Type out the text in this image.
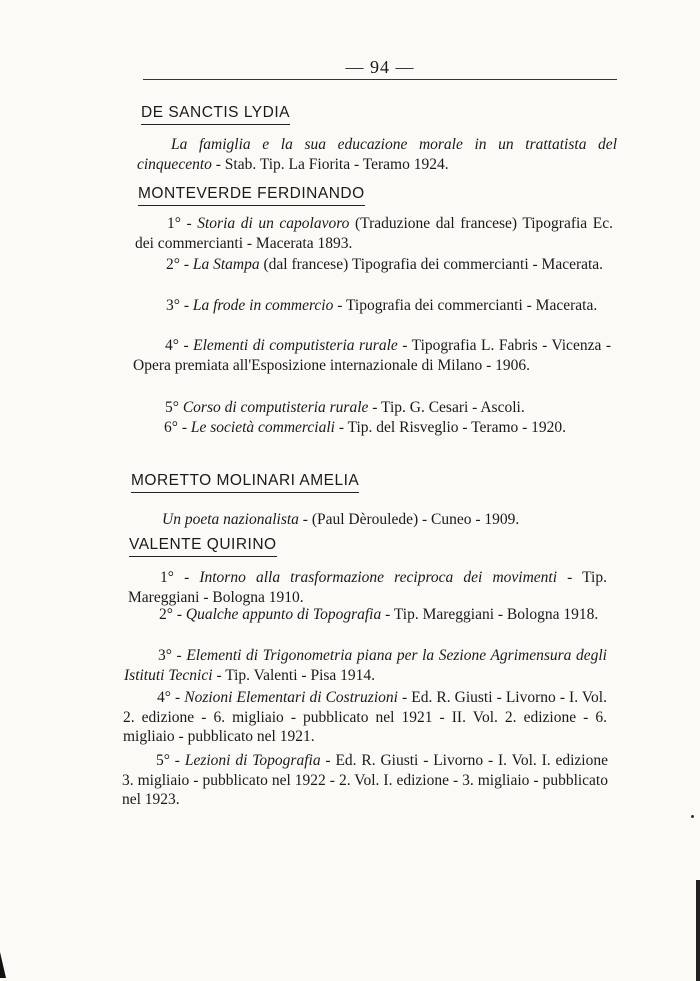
— 94 —
DE SANCTIS LYDIA
La famiglia e la sua educazione morale in un trattatista del cinquecento - Stab. Tip. La Fiorita - Teramo 1924.
MONTEVERDE FERDINANDO
1° - Storia di un capolavoro (Traduzione dal francese) Tipografia Ec. dei commercianti - Macerata 1893.
2° - La Stampa (dal francese) Tipografia dei commercianti - Macerata.
3° - La frode in commercio - Tipografia dei commercianti - Macerata.
4° - Elementi di computisteria rurale - Tipografia L. Fabris - Vicenza - Opera premiata all'Esposizione internazionale di Milano - 1906.
5° Corso di computisteria rurale - Tip. G. Cesari - Ascoli.
6° - Le società commerciali - Tip. del Risveglio - Teramo - 1920.
MORETTO MOLINARI AMELIA
Un poeta nazionalista - (Paul Dèroulede) - Cuneo - 1909.
VALENTE QUIRINO
1° - Intorno alla trasformazione reciproca dei movimenti - Tip. Mareggiani - Bologna 1910.
2° - Qualche appunto di Topografia - Tip. Mareggiani - Bologna 1918.
3° - Elementi di Trigonometria piana per la Sezione Agrimensura degli Istituti Tecnici - Tip. Valenti - Pisa 1914.
4° - Nozioni Elementari di Costruzioni - Ed. R. Giusti - Livorno - I. Vol. 2. edizione - 6. migliaio - pubblicato nel 1921 - II. Vol. 2. edizione - 6. migliaio - pubblicato nel 1921.
5° - Lezioni di Topografia - Ed. R. Giusti - Livorno - I. Vol. I. edizione 3. migliaio - pubblicato nel 1922 - 2. Vol. I. edizione - 3. migliaio - pubblicato nel 1923.
